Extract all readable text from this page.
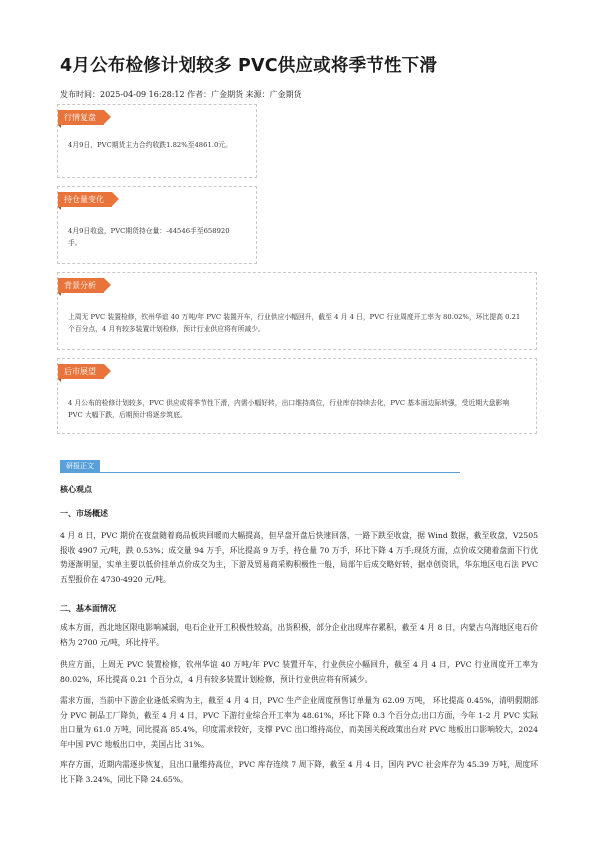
4月公布检修计划较多 PVC供应或将季节性下滑
发布时间：2025-04-09 16:28:12 作者：广金期货 来源：广金期货
行情复盘
4月9日，PVC期货主力合约收跌1.82%至4861.0元。
持仓量变化
4月9日收盘，PVC期货持仓量：-44546手至658920手。
背景分析
上周无 PVC 装置检修，钦州华谊 40 万吨/年 PVC 装置开车，行业供应小幅回升，截至 4 月 4 日，PVC 行业周度开工率为 80.02%，环比提高 0.21 个百分点，4 月有较多装置计划检修，预计行业供应将有所减少。
后市展望
4 月公布的检修计划较多，PVC 供应或将季节性下滑，内需小幅好转，出口维持高位，行业库存持续去化，PVC 基本面边际转强，受近期大盘影响 PVC 大幅下跌，后期预计将逐步筑底。
研报正文
核心观点
一、市场概述

4 月 8 日，PVC 期价在夜盘随着商品板块回暖而大幅提高，但早盘开盘后快速回落，一路下跌至收盘，据 Wind 数据，截至收盘，V2505 报收 4907 元/吨，跌 0.53%；成交量 94 万手，环比提高 9 万手，持仓量 70 万手，环比下降 4 万手;现货方面，点价成交随着盘面下行优势逐渐明显，实单主要以低价挂单点价成交为主，下游及贸易商采购积极性一般，局部午后成交略好转，据卓创资讯，华东地区电石法 PVC 五型报价在 4730-4920 元/吨。

二、基本面情况

成本方面，西北地区限电影响减弱，电石企业开工积极性较高，出货积极，部分企业出现库存累积，截至 4 月 8 日，内蒙古乌海地区电石价格为 2700 元/吨，环比持平。

供应方面，上周无 PVC 装置检修，钦州华谊 40 万吨/年 PVC 装置开车，行业供应小幅回升，截至 4 月 4 日，PVC 行业周度开工率为 80.02%，环比提高 0.21 个百分点，4 月有较多装置计划检修，预计行业供应将有所减少。

需求方面，当前中下游企业逢低采购为主，截至 4 月 4 日，PVC 生产企业周度预售订单量为 62.09 万吨， 环比提高 0.45%，清明假期部分 PVC 制品工厂降负，截至 4 月 4 日，PVC 下游行业综合开工率为 48.61%，环比下降 0.3 个百分点;出口方面，今年 1-2 月 PVC 实际出口量为 61.0 万吨，同比提高 85.4%，印度需求较好，支撑 PVC 出口维持高位，而美国关税政策出台对 PVC 地板出口影响较大，2024 年中国 PVC 地板出口中，美国占比 31%。

库存方面，近期内需逐步恢复，且出口量维持高位，PVC 库存连续 7 周下降，截至 4 月 4 日，国内 PVC 社会库存为 45.39 万吨，周度环比下降 3.24%，同比下降 24.65%。
